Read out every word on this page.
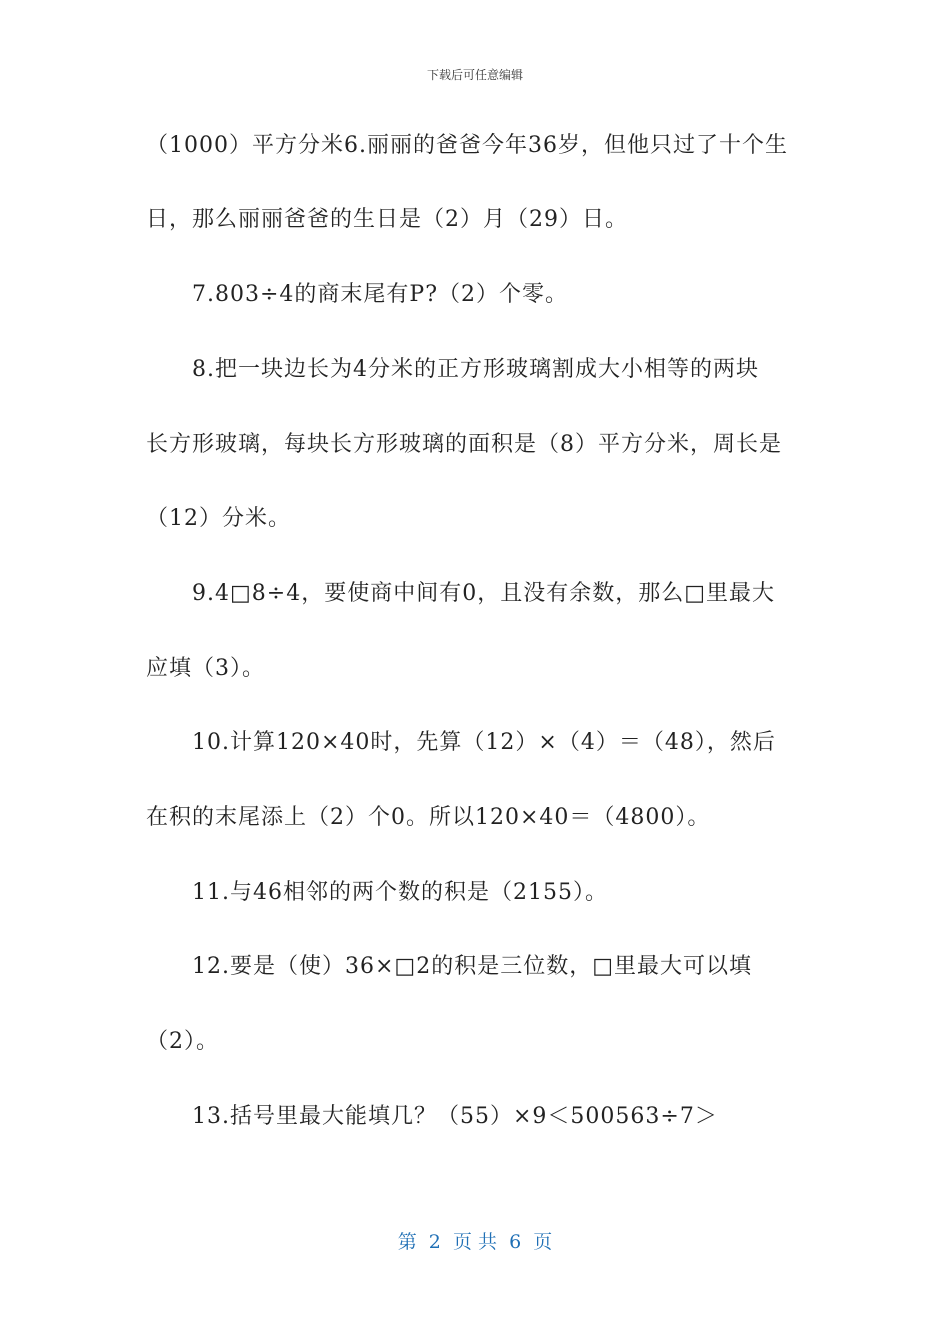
下载后可任意编辑
（1000）平方分米6.丽丽的爸爸今年36岁，但他只过了十个生
日，那么丽丽爸爸的生日是（2）月（29）日。
7.803÷4的商末尾有P?（2）个零。
8.把一块边长为4分米的正方形玻璃割成大小相等的两块
长方形玻璃，每块长方形玻璃的面积是（8）平方分米，周长是
（12）分米。
9.4□8÷4，要使商中间有0，且没有余数，那么□里最大
应填（3）。
10.计算120×40时，先算（12）×（4）＝（48），然后
在积的末尾添上（2）个0。所以120×40＝（4800）。
11.与46相邻的两个数的积是（2155）。
12.要是（使）36×□2的积是三位数，□里最大可以填
（2）。
13.括号里最大能填几？（55）×9＜500563÷7＞
第  2  页 共  6  页
